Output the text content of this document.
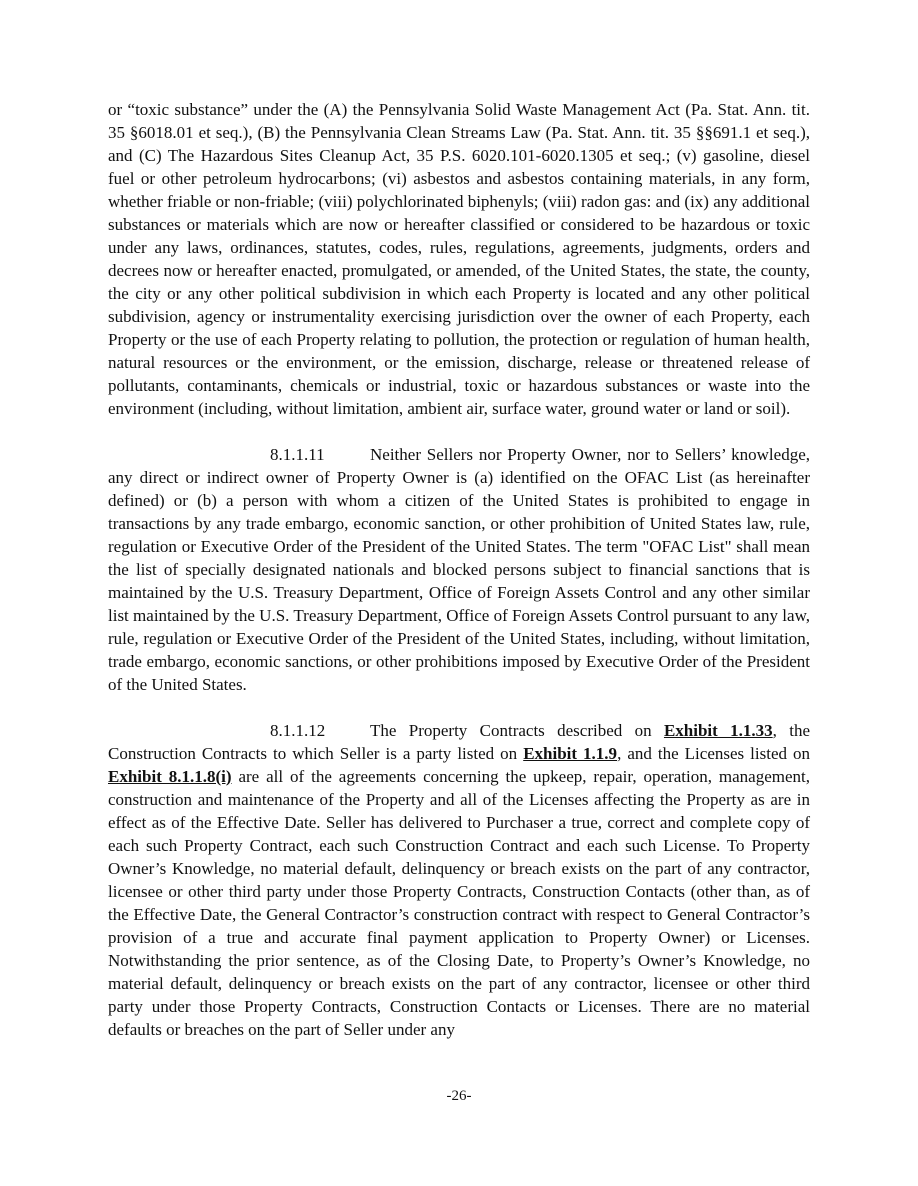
or “toxic substance” under the (A) the Pennsylvania Solid Waste Management Act (Pa. Stat. Ann. tit. 35 §6018.01 et seq.), (B) the Pennsylvania Clean Streams Law (Pa. Stat. Ann. tit. 35 §§691.1 et seq.), and (C) The Hazardous Sites Cleanup Act, 35 P.S. 6020.101-6020.1305 et seq.; (v) gasoline, diesel fuel or other petroleum hydrocarbons; (vi) asbestos and asbestos containing materials, in any form, whether friable or non-friable; (viii) polychlorinated biphenyls; (viii) radon gas: and (ix) any additional substances or materials which are now or hereafter classified or considered to be hazardous or toxic under any laws, ordinances, statutes, codes, rules, regulations, agreements, judgments, orders and decrees now or hereafter enacted, promulgated, or amended, of the United States, the state, the county, the city or any other political subdivision in which each Property is located and any other political subdivision, agency or instrumentality exercising jurisdiction over the owner of each Property, each Property or the use of each Property relating to pollution, the protection or regulation of human health, natural resources or the environment, or the emission, discharge, release or threatened release of pollutants, contaminants, chemicals or industrial, toxic or hazardous substances or waste into the environment (including, without limitation, ambient air, surface water, ground water or land or soil).

8.1.1.11	Neither Sellers nor Property Owner, nor to Sellers’ knowledge, any direct or indirect owner of Property Owner is (a) identified on the OFAC List (as hereinafter defined) or (b) a person with whom a citizen of the United States is prohibited to engage in transactions by any trade embargo, economic sanction, or other prohibition of United States law, rule, regulation or Executive Order of the President of the United States. The term "OFAC List" shall mean the list of specially designated nationals and blocked persons subject to financial sanctions that is maintained by the U.S. Treasury Department, Office of Foreign Assets Control and any other similar list maintained by the U.S. Treasury Department, Office of Foreign Assets Control pursuant to any law, rule, regulation or Executive Order of the President of the United States, including, without limitation, trade embargo, economic sanctions, or other prohibitions imposed by Executive Order of the President of the United States.

8.1.1.12	The Property Contracts described on Exhibit 1.1.33, the Construction Contracts to which Seller is a party listed on Exhibit 1.1.9, and the Licenses listed on Exhibit 8.1.1.8(i) are all of the agreements concerning the upkeep, repair, operation, management, construction and maintenance of the Property and all of the Licenses affecting the Property as are in effect as of the Effective Date. Seller has delivered to Purchaser a true, correct and complete copy of each such Property Contract, each such Construction Contract and each such License. To Property Owner’s Knowledge, no material default, delinquency or breach exists on the part of any contractor, licensee or other third party under those Property Contracts, Construction Contacts (other than, as of the Effective Date, the General Contractor’s construction contract with respect to General Contractor’s provision of a true and accurate final payment application to Property Owner) or Licenses. Notwithstanding the prior sentence, as of the Closing Date, to Property’s Owner’s Knowledge, no material default, delinquency or breach exists on the part of any contractor, licensee or other third party under those Property Contracts, Construction Contacts or Licenses. There are no material defaults or breaches on the part of Seller under any

-26-
